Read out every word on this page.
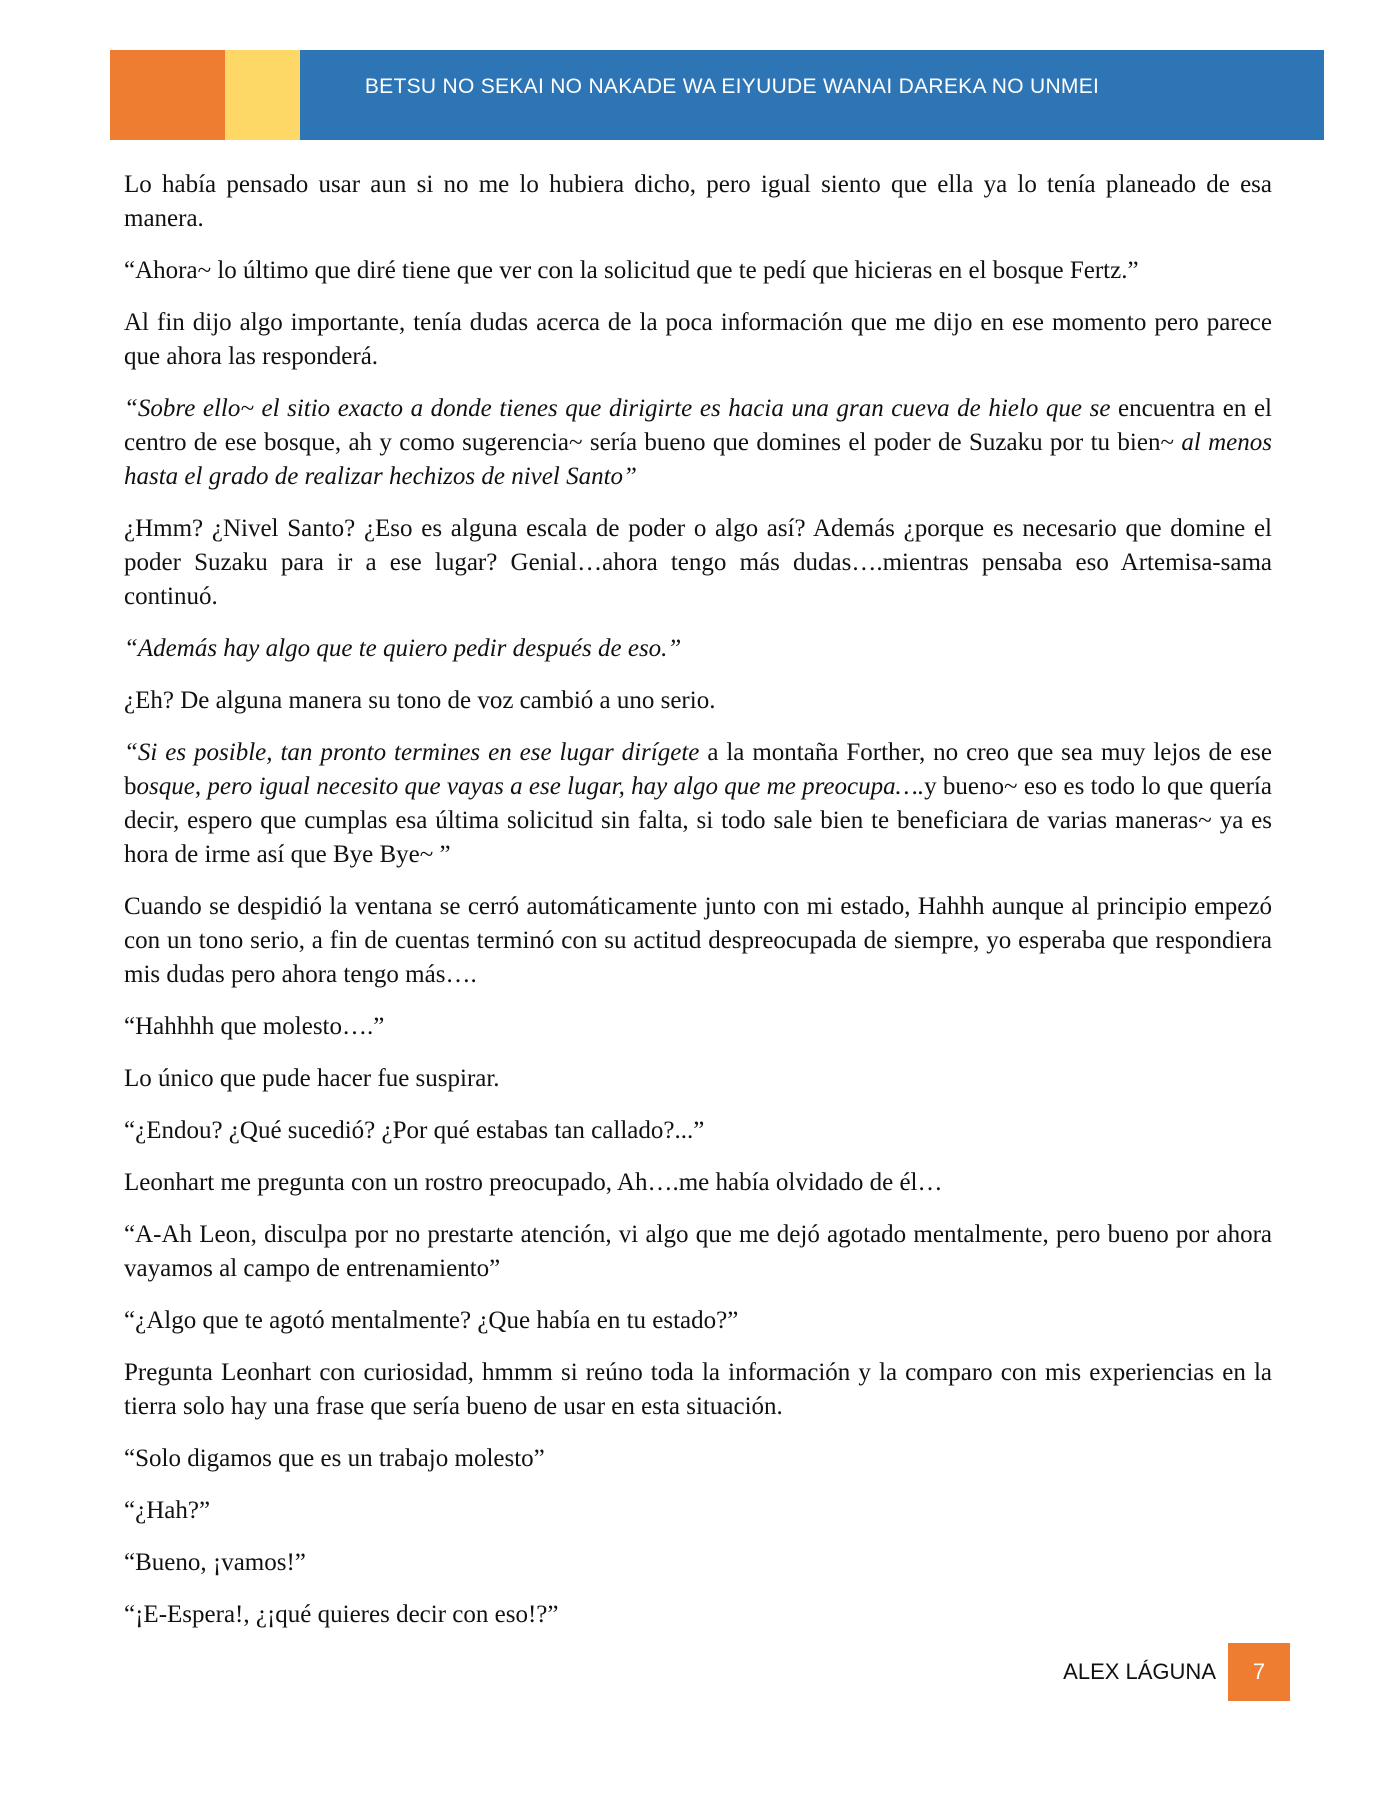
BETSU NO SEKAI NO NAKADE WA EIYUUDE WANAI DAREKA NO UNMEI

Lo había pensado usar aun si no me lo hubiera dicho, pero igual siento que ella ya lo tenía planeado de esa manera.

“Ahora~ lo último que diré tiene que ver con la solicitud que te pedí que hicieras en el bosque Fertz.”

Al fin dijo algo importante, tenía dudas acerca de la poca información que me dijo en ese momento pero parece que ahora las responderá.

“Sobre ello~ el sitio exacto a donde tienes que dirigirte es hacia una gran cueva de hielo que se encuentra en el centro de ese bosque, ah y como sugerencia~ sería bueno que domines el poder de Suzaku por tu bien~ al menos hasta el grado de realizar hechizos de nivel Santo”

¿Hmm? ¿Nivel Santo? ¿Eso es alguna escala de poder o algo así? Además ¿porque es necesario que domine el poder Suzaku para ir a ese lugar? Genial…ahora tengo más dudas….mientras pensaba eso Artemisa-sama continuó.

“Además hay algo que te quiero pedir después de eso.”

¿Eh? De alguna manera su tono de voz cambió a uno serio.

“Si es posible, tan pronto termines en ese lugar dirígete a la montaña Forther, no creo que sea muy lejos de ese bosque, pero igual necesito que vayas a ese lugar, hay algo que me preocupa….y bueno~ eso es todo lo que quería decir, espero que cumplas esa última solicitud sin falta, si todo sale bien te beneficiara de varias maneras~ ya es hora de irme así que Bye Bye~ ”

Cuando se despidió la ventana se cerró automáticamente junto con mi estado, Hahhh aunque al principio empezó con un tono serio, a fin de cuentas terminó con su actitud despreocupada de siempre, yo esperaba que respondiera mis dudas pero ahora tengo más….

“Hahhhh que molesto….”

Lo único que pude hacer fue suspirar.

“¿Endou? ¿Qué sucedió? ¿Por qué estabas tan callado?...”

Leonhart me pregunta con un rostro preocupado, Ah….me había olvidado de él…

“A-Ah Leon, disculpa por no prestarte atención, vi algo que me dejó agotado mentalmente, pero bueno por ahora vayamos al campo de entrenamiento”

“¿Algo que te agotó mentalmente? ¿Que había en tu estado?”

Pregunta Leonhart con curiosidad, hmmm si reúno toda la información y la comparo con mis experiencias en la tierra solo hay una frase que sería bueno de usar en esta situación.

“Solo digamos que es un trabajo molesto”

“¿Hah?”

“Bueno, ¡vamos!”

“¡E-Espera!, ¿¡qué quieres decir con eso!?”

ALEX LÁGUNA 7
